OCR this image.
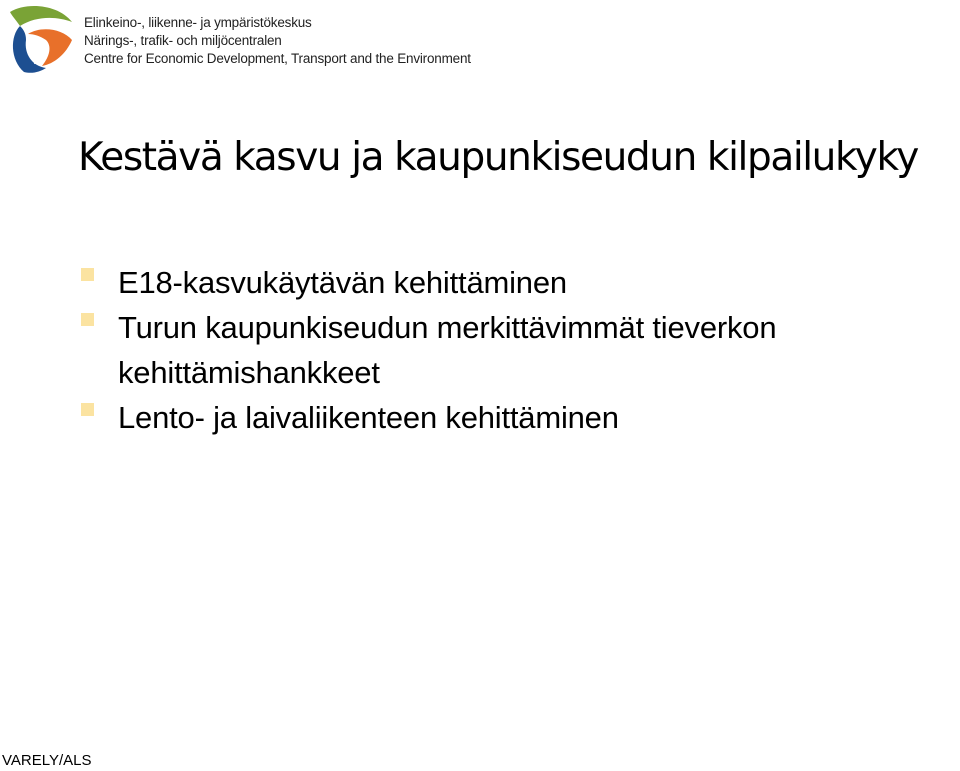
Elinkeino-, liikenne- ja ympäristökeskus
Närings-, trafik- och miljöcentralen
Centre for Economic Development, Transport and the Environment
Kestävä kasvu ja kaupunkiseudun kilpailukyky
E18-kasvukäytävän kehittäminen
Turun kaupunkiseudun merkittävimmät tieverkon kehittämishankkeet
Lento- ja laivaliikenteen kehittäminen
VARELY/ALS
